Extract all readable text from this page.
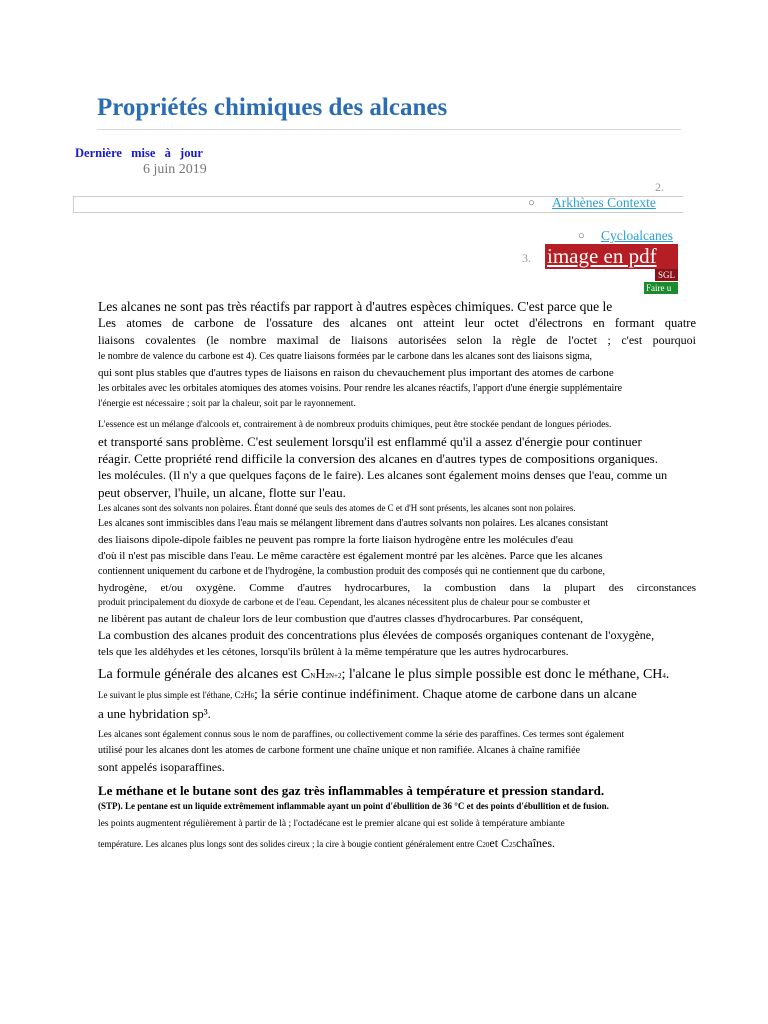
Propriétés chimiques des alcanes
Dernière mise à jour
6 juin 2019
2.
○ Arkhènes Contexte
○ Cycloalcanes
3. image en pdf
SGL
Faire u

Les alcanes ne sont pas très réactifs par rapport à d'autres espèces chimiques. C'est parce que le

Les atomes de carbone de l'ossature des alcanes ont atteint leur octet d'électrons en formant quatre

liaisons covalentes (le nombre maximal de liaisons autorisées selon la règle de l'octet ; c'est pourquoi

le nombre de valence du carbone est 4). Ces quatre liaisons formées par le carbone dans les alcanes sont des liaisons sigma,

qui sont plus stables que d'autres types de liaisons en raison du chevauchement plus important des atomes de carbone

les orbitales avec les orbitales atomiques des atomes voisins. Pour rendre les alcanes réactifs, l'apport d'une énergie supplémentaire

l'énergie est nécessaire ; soit par la chaleur, soit par le rayonnement.

L'essence est un mélange d'alcools et, contrairement à de nombreux produits chimiques, peut être stockée pendant de longues périodes.

et transporté sans problème. C'est seulement lorsqu'il est enflammé qu'il a assez d'énergie pour continuer

réagir. Cette propriété rend difficile la conversion des alcanes en d'autres types de compositions organiques.

les molécules. (Il n'y a que quelques façons de le faire). Les alcanes sont également moins denses que l'eau, comme un

peut observer, l'huile, un alcane, flotte sur l'eau.

Les alcanes sont des solvants non polaires. Étant donné que seuls des atomes de C et d'H sont présents, les alcanes sont non polaires.

Les alcanes sont immiscibles dans l'eau mais se mélangent librement dans d'autres solvants non polaires. Les alcanes consistant

des liaisons dipole-dipole faibles ne peuvent pas rompre la forte liaison hydrogène entre les molécules d'eau

d'où il n'est pas miscible dans l'eau. Le même caractère est également montré par les alcènes. Parce que les alcanes

contiennent uniquement du carbone et de l'hydrogène, la combustion produit des composés qui ne contiennent que du carbone,

hydrogène, et/ou oxygène. Comme d'autres hydrocarbures, la combustion dans la plupart des circonstances

produit principalement du dioxyde de carbone et de l'eau. Cependant, les alcanes nécessitent plus de chaleur pour se combuster et

ne libèrent pas autant de chaleur lors de leur combustion que d'autres classes d'hydrocarbures. Par conséquent,

La combustion des alcanes produit des concentrations plus élevées de composés organiques contenant de l'oxygène,

tels que les aldéhydes et les cétones, lorsqu'ils brûlent à la même température que les autres hydrocarbures.

La formule générale des alcanes est CNH2N+2; l'alcane le plus simple possible est donc le méthane, CH4.

Le suivant le plus simple est l'éthane, C2H6; la série continue indéfiniment. Chaque atome de carbone dans un alcane

a une hybridation sp³.

Les alcanes sont également connus sous le nom de paraffines, ou collectivement comme la série des paraffines. Ces termes sont également

utilisé pour les alcanes dont les atomes de carbone forment une chaîne unique et non ramifiée. Alcanes à chaîne ramifiée

sont appelés isoparaffines.

Le méthane et le butane sont des gaz très inflammables à température et pression standard.

(STP). Le pentane est un liquide extrêmement inflammable ayant un point d'ébullition de 36 °C et des points d'ébullition et de fusion.

les points augmentent régulièrement à partir de là ; l'octadécane est le premier alcane qui est solide à température ambiante

température. Les alcanes plus longs sont des solides cireux ; la cire à bougie contient généralement entre C20et C25chaînes.
